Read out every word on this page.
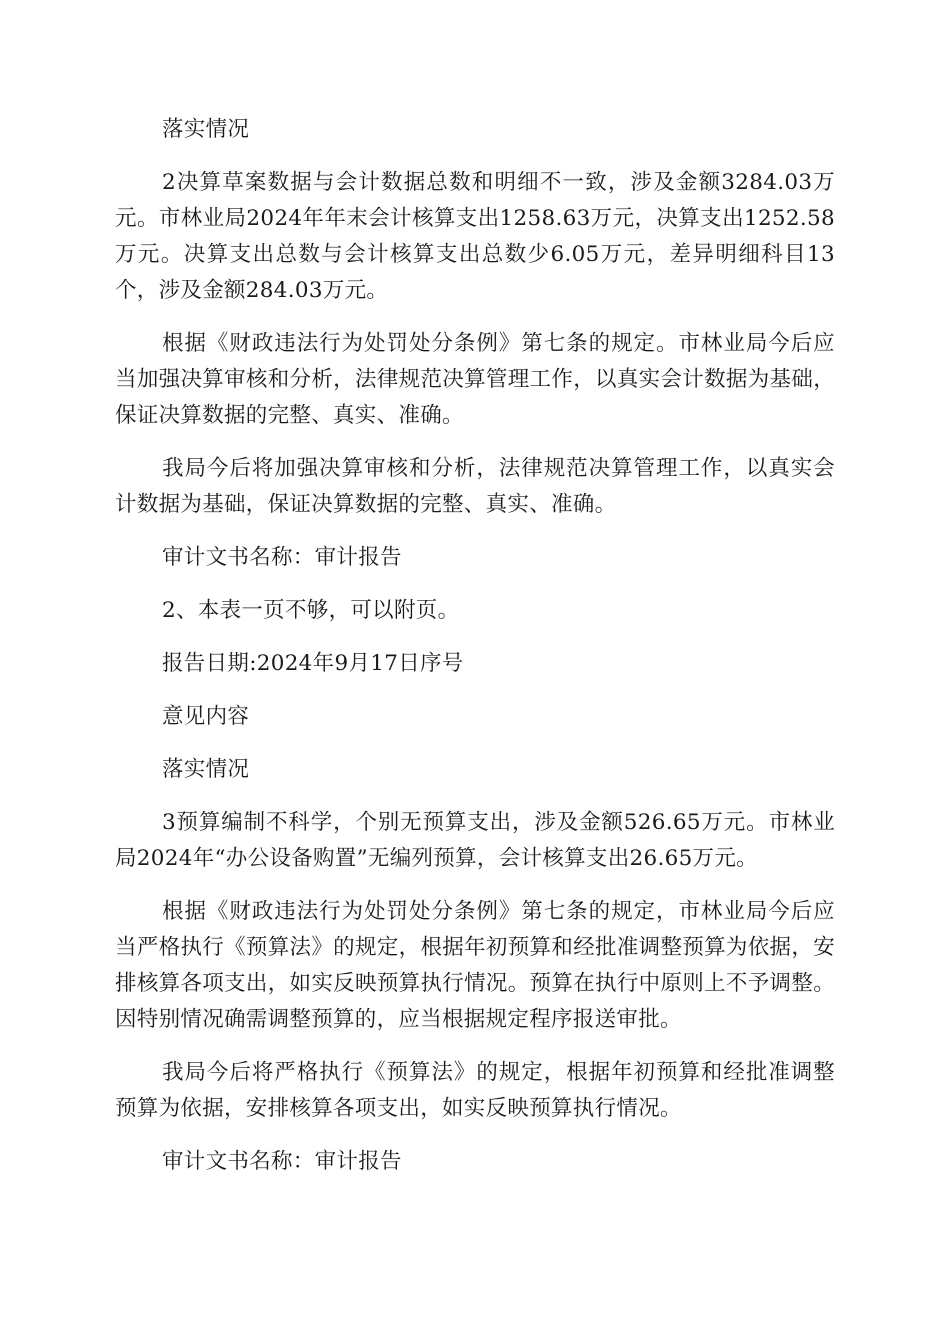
落实情况

2决算草案数据与会计数据总数和明细不一致，涉及金额3284.03万元。市林业局2024年年末会计核算支出1258.63万元，决算支出1252.58万元。决算支出总数与会计核算支出总数少6.05万元，差异明细科目13个，涉及金额284.03万元。

根据《财政违法行为处罚处分条例》第七条的规定。市林业局今后应当加强决算审核和分析，法律规范决算管理工作，以真实会计数据为基础，保证决算数据的完整、真实、准确。

我局今后将加强决算审核和分析，法律规范决算管理工作，以真实会计数据为基础，保证决算数据的完整、真实、准确。

审计文书名称：审计报告

2、本表一页不够，可以附页。

报告日期:2024年9月17日序号

意见内容

落实情况

3预算编制不科学，个别无预算支出，涉及金额526.65万元。市林业局2024年“办公设备购置”无编列预算，会计核算支出26.65万元。

根据《财政违法行为处罚处分条例》第七条的规定，市林业局今后应当严格执行《预算法》的规定，根据年初预算和经批准调整预算为依据，安排核算各项支出，如实反映预算执行情况。预算在执行中原则上不予调整。因特别情况确需调整预算的，应当根据规定程序报送审批。

我局今后将严格执行《预算法》的规定，根据年初预算和经批准调整预算为依据，安排核算各项支出，如实反映预算执行情况。

审计文书名称：审计报告
